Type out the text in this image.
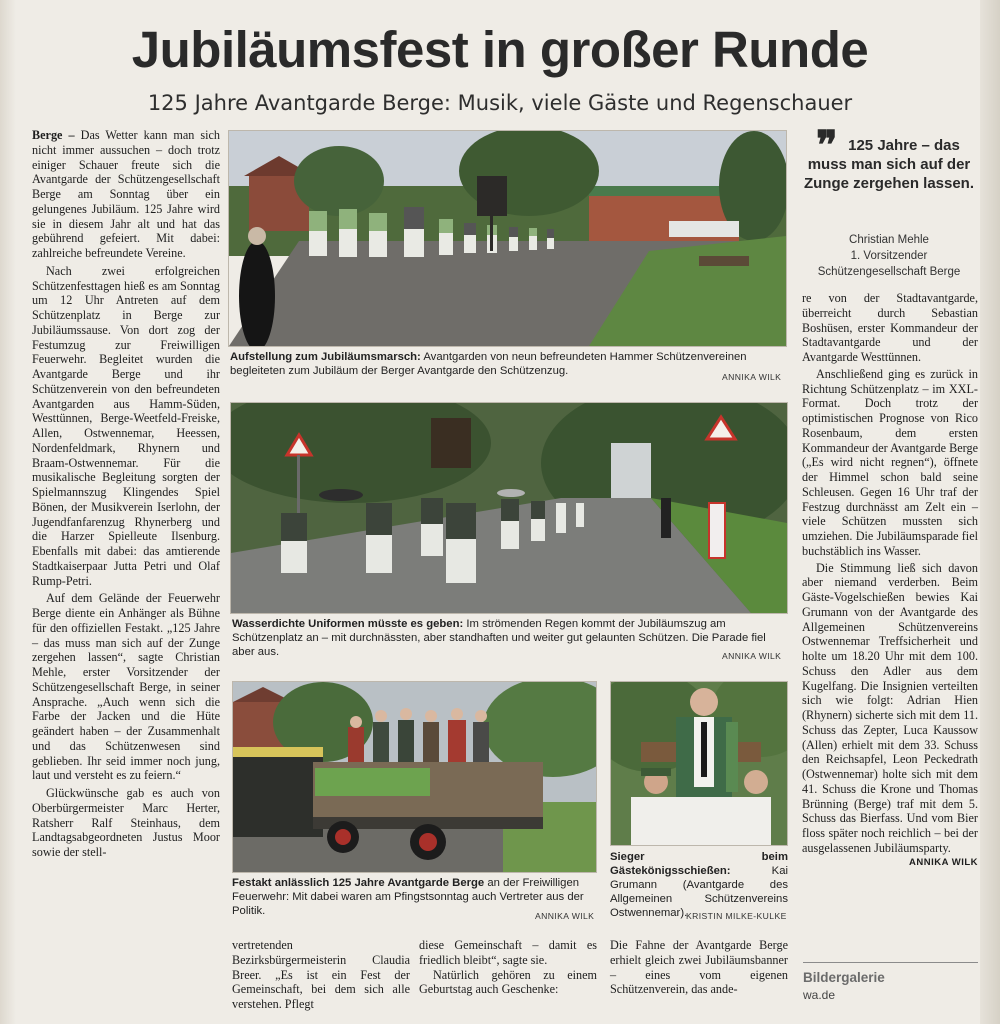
Jubiläumsfest in großer Runde
125 Jahre Avantgarde Berge: Musik, viele Gäste und Regenschauer

Berge – Das Wetter kann man sich nicht immer aussuchen – doch trotz einiger Schauer freute sich die Avantgarde der Schützengesellschaft Berge am Sonntag über ein gelungenes Jubiläum. 125 Jahre wird sie in diesem Jahr alt und hat das gebührend gefeiert. Mit dabei: zahlreiche befreundete Vereine.

Nach zwei erfolgreichen Schützenfesttagen hieß es am Sonntag um 12 Uhr Antreten auf dem Schützenplatz in Berge zur Jubiläumssause. Von dort zog der Festumzug zur Freiwilligen Feuerwehr. Begleitet wurden die Avantgarde Berge und ihr Schützenverein von den befreundeten Avantgarden aus Hamm-Süden, Westtünnen, Berge-Weetfeld-Freiske, Allen, Ostwennemar, Heessen, Nordenfeldmark, Rhynern und Braam-Ostwennemar. Für die musikalische Begleitung sorgten der Spielmannszug Klingendes Spiel Bönen, der Musikverein Iserlohn, der Jugendfanfarenzug Rhynerberg und die Harzer Spielleute Ilsenburg. Ebenfalls mit dabei: das amtierende Stadtkaiserpaar Jutta Petri und Olaf Rump-Petri.

Auf dem Gelände der Feuerwehr Berge diente ein Anhänger als Bühne für den offiziellen Festakt. „125 Jahre – das muss man sich auf der Zunge zergehen lassen“, sagte Christian Mehle, erster Vorsitzender der Schützengesellschaft Berge, in seiner Ansprache. „Auch wenn sich die Farbe der Jacken und die Hüte geändert haben – der Zusammenhalt und das Schützenwesen sind geblieben. Ihr seid immer noch jung, laut und versteht es zu feiern.“

Glückwünsche gab es auch von Oberbürgermeister Marc Herter, Ratsherr Ralf Steinhaus, dem Landtagsabgeordneten Justus Moor sowie der stell-

Aufstellung zum Jubiläumsmarsch: Avantgarden von neun befreundeten Hammer Schützenvereinen begleiteten zum Jubiläum der Berger Avantgarde den Schützenzug.	ANNIKA WILK
Wasserdichte Uniformen müsste es geben: Im strömenden Regen kommt der Jubiläumszug am Schützenplatz an – mit durchnässten, aber standhaften und weiter gut gelaunten Schützen. Die Parade fiel aber aus.	ANNIKA WILK
Festakt anlässlich 125 Jahre Avantgarde Berge an der Freiwilligen Feuerwehr: Mit dabei waren am Pfingstsonntag auch Vertreter aus der Politik.	ANNIKA WILK
Sieger beim Gästekönigsschießen:	Kai Grumann (Avantgarde des Allgemeinen Schützenvereins Ostwennemar).
KRISTIN MILKE-KULKE

vertretenden Bezirksbürgermeisterin Claudia Breer. „Es ist ein Fest der Gemeinschaft, bei dem sich alle verstehen. Pflegt

diese Gemeinschaft – damit es friedlich bleibt“, sagte sie.

Natürlich gehören zu einem Geburtstag auch Geschenke:

Die Fahne der Avantgarde Berge erhielt gleich zwei Jubiläumsbanner – eines vom eigenen Schützenverein, das ande-

❞ 125 Jahre – das muss man sich auf der Zunge zergehen lassen.
Christian Mehle
1. Vorsitzender
Schützengesellschaft Berge

re von der Stadtavantgarde, überreicht durch Sebastian Boshüsen, erster Kommandeur der Stadtavantgarde und der Avantgarde Westtünnen.

Anschließend ging es zurück in Richtung Schützenplatz – im XXL-Format. Doch trotz der optimistischen Prognose von Rico Rosenbaum, dem ersten Kommandeur der Avantgarde Berge („Es wird nicht regnen“), öffnete der Himmel schon bald seine Schleusen. Gegen 16 Uhr traf der Festzug durchnässt am Zelt ein – viele Schützen mussten sich umziehen. Die Jubiläumsparade fiel buchstäblich ins Wasser.

Die Stimmung ließ sich davon aber niemand verderben. Beim Gäste-Vogelschießen bewies Kai Grumann von der Avantgarde des Allgemeinen Schützenvereins Ostwennemar Treffsicherheit und holte um 18.20 Uhr mit dem 100. Schuss den Adler aus dem Kugelfang. Die Insignien verteilten sich wie folgt: Adrian Hien (Rhynern) sicherte sich mit dem 11. Schuss das Zepter, Luca Kaussow (Allen) erhielt mit dem 33. Schuss den Reichsapfel, Leon Peckedrath (Ostwennemar) holte sich mit dem 41. Schuss die Krone und Thomas Brünning (Berge) traf mit dem 5. Schuss das Bierfass. Und vom Bier floss später noch reichlich – bei der ausgelassenen Jubiläumsparty.

ANNIKA WILK
Bildergalerie
wa.de
